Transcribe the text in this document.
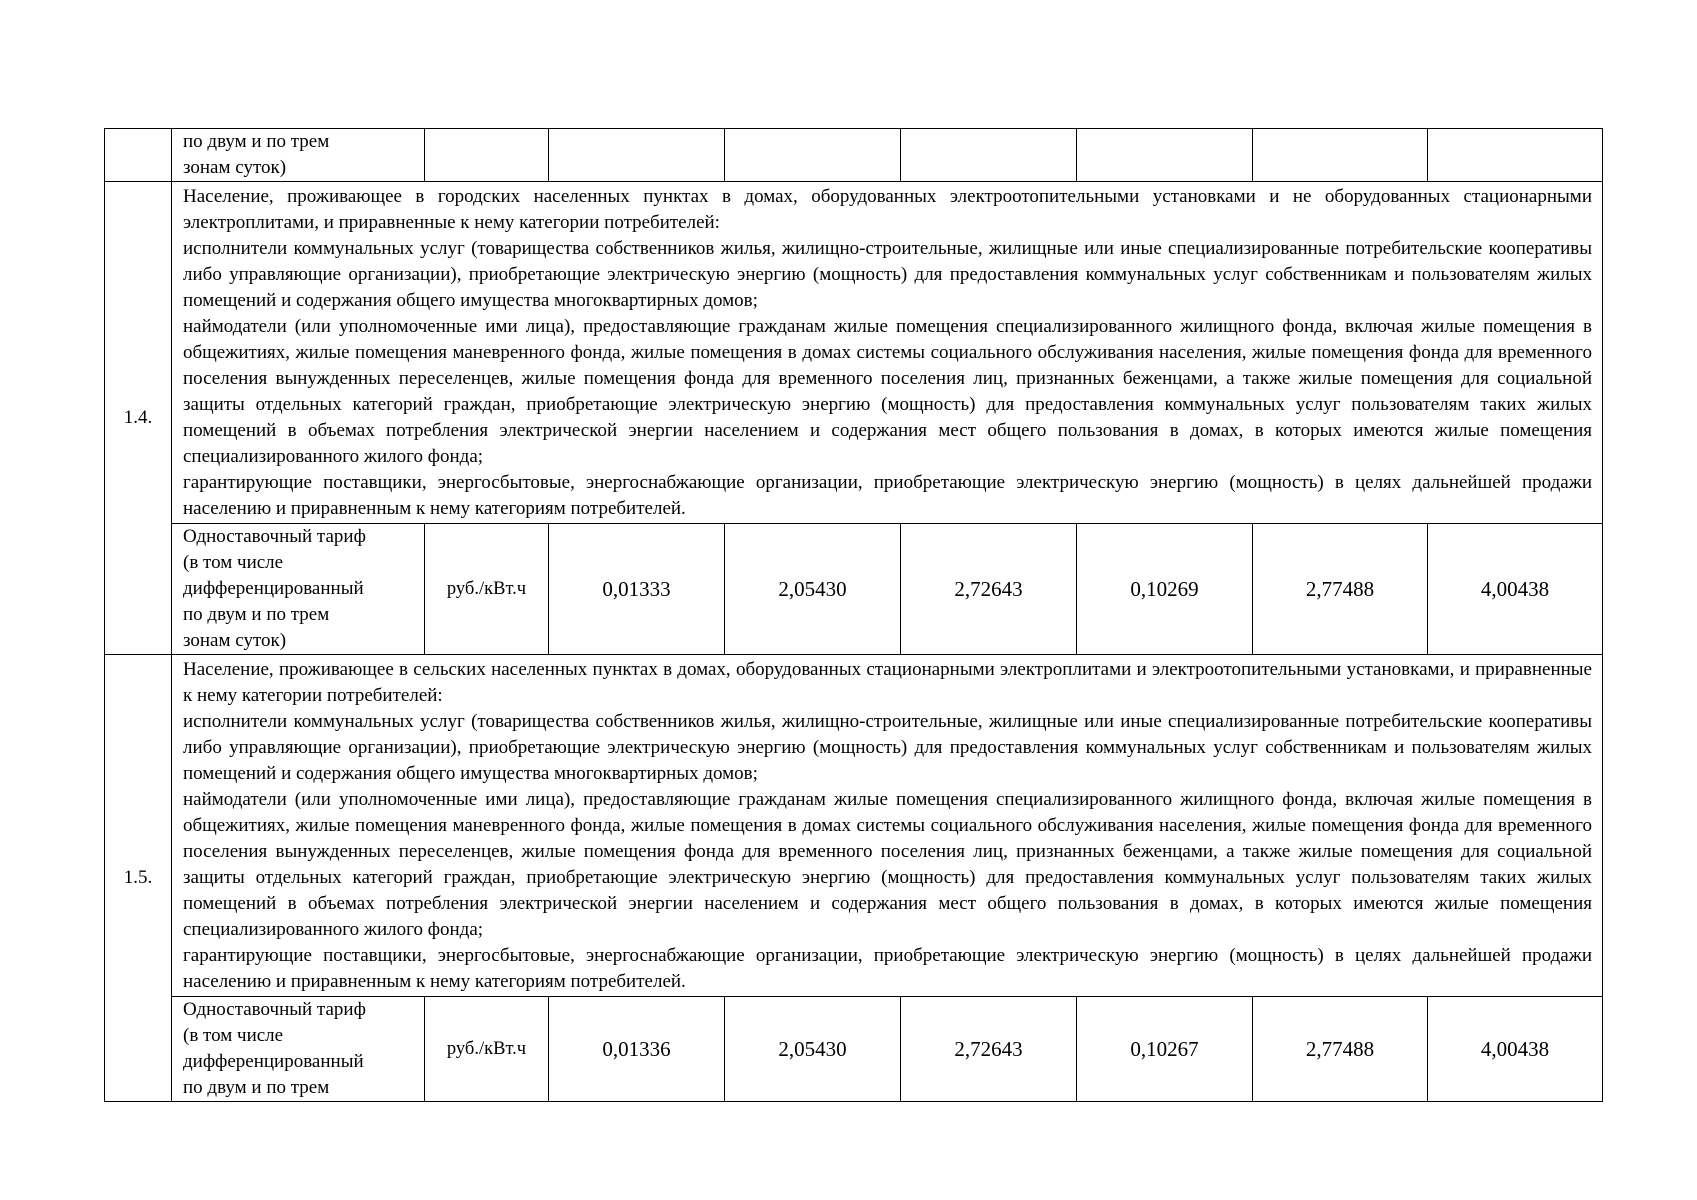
	по двум и по трем
зонам суток)							

1.4.	Население, проживающее в городских населенных пунктах в домах, оборудованных электроотопительными установками и не оборудованных стационарными электроплитами, и приравненные к нему категории потребителей:

исполнители коммунальных услуг (товарищества собственников жилья, жилищно-строительные, жилищные или иные специализированные потребительские кооперативы либо управляющие организации), приобретающие электрическую энергию (мощность) для предоставления коммунальных услуг собственникам и пользователям жилых помещений и содержания общего имущества многоквартирных домов;

наймодатели (или уполномоченные ими лица), предоставляющие гражданам жилые помещения специализированного жилищного фонда, включая жилые помещения в общежитиях, жилые помещения маневренного фонда, жилые помещения в домах системы социального обслуживания населения, жилые помещения фонда для временного поселения вынужденных переселенцев, жилые помещения фонда для временного поселения лиц, признанных беженцами, а также жилые помещения для социальной защиты отдельных категорий граждан, приобретающие электрическую энергию (мощность) для предоставления коммунальных услуг пользователям таких жилых помещений в объемах потребления электрической энергии населением и содержания мест общего пользования в домах, в которых имеются жилые помещения специализированного жилого фонда;

гарантирующие поставщики, энергосбытовые, энергоснабжающие организации, приобретающие электрическую энергию (мощность) в целях дальнейшей продажи населению и приравненным к нему категориям потребителей.							

	Одноставочный тариф
(в том числе
дифференцированный
по двум и по трем
зонам суток)	руб./кВт.ч	0,01333	2,05430	2,72643	0,10269	2,77488	4,00438
1.5.	Население, проживающее в сельских населенных пунктах в домах, оборудованных стационарными электроплитами и электроотопительными установками, и приравненные к нему категории потребителей:

исполнители коммунальных услуг (товарищества собственников жилья, жилищно-строительные, жилищные или иные специализированные потребительские кооперативы либо управляющие организации), приобретающие электрическую энергию (мощность) для предоставления коммунальных услуг собственникам и пользователям жилых помещений и содержания общего имущества многоквартирных домов;

наймодатели (или уполномоченные ими лица), предоставляющие гражданам жилые помещения специализированного жилищного фонда, включая жилые помещения в общежитиях, жилые помещения маневренного фонда, жилые помещения в домах системы социального обслуживания населения, жилые помещения фонда для временного поселения вынужденных переселенцев, жилые помещения фонда для временного поселения лиц, признанных беженцами, а также жилые помещения для социальной защиты отдельных категорий граждан, приобретающие электрическую энергию (мощность) для предоставления коммунальных услуг пользователям таких жилых помещений в объемах потребления электрической энергии населением и содержания мест общего пользования в домах, в которых имеются жилые помещения специализированного жилого фонда;

гарантирующие поставщики, энергосбытовые, энергоснабжающие организации, приобретающие электрическую энергию (мощность) в целях дальнейшей продажи населению и приравненным к нему категориям потребителей.							

	Одноставочный тариф
(в том числе
дифференцированный
по двум и по трем	руб./кВт.ч	0,01336	2,05430	2,72643	0,10267	2,77488	4,00438
